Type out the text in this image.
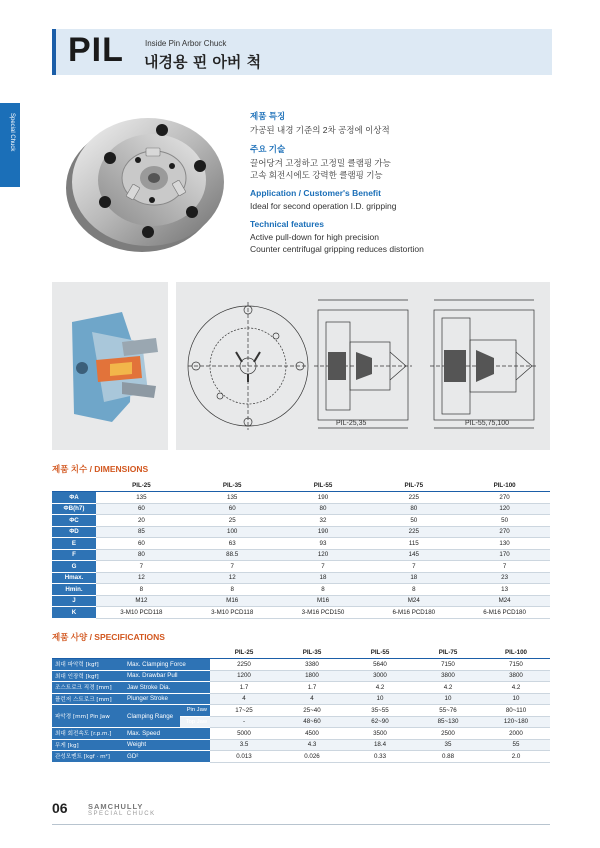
PIL	Inside Pin Arbor Chuck
내경용 핀 아버 척
Special Chuck	제품 특징
가공된 내경 기준의 2차 공정에 이상적
주요 기술
끌어당겨 고정하고 고정밀 클램핑 가능
고속 회전시에도 강력한 클램핑 기능
Application / Customer's Benefit
Ideal for second operation I.D. gripping
Technical features
Active pull-down for high precision
Counter centrifugal gripping reduces distortion
PIL-25,35	PIL-55,75,100
제품 치수 / DIMENSIONS
	PIL-25	PIL-35	PIL-55	PIL-75	PIL-100
ΦA	135	135	190	225	270
ΦB(h7)	60	60	80	80	120
ΦC	20	25	32	50	50
ΦD	85	100	190	225	270
E	60	63	93	115	130
F	80	88.5	120	145	170
G	7	7	7	7	7
Hmax.	12	12	18	18	23
Hmin.	8	8	8	8	13
J	M12	M16	M16	M24	M24
K	3-M10 PCD118	3-M10 PCD118	3-M16 PCD150	6-M16 PCD180	6-M16 PCD180
제품 사양 / SPECIFICATIONS
			PIL-25	PIL-35	PIL-55	PIL-75	PIL-100
최대 파악력 [kgf]	Max. Clamping Force		2250	3380	5640	7150	7150
최대 인장력 [kgf]	Max. Drawbar Pull		1200	1800	3000	3800	3800
조스트로크 직경 [mm]	Jaw Stroke Dia.		1.7	1.7	4.2	4.2	4.2
플런저 스트로크 [mm]	Plunger Stroke		4	4	10	10	10
파악경 [mm] Pin Jaw	Clamping Range	Pin Jaw	17~25	25~40	35~55	55~76	80~110
		Top Jaw	-	48~60	62~90	85~130	120~180
최대 회전속도 [r.p.m.]	Max. Speed		5000	4500	3500	2500	2000
무게 [kg]	Weight		3.5	4.3	18.4	35	55
관성모멘트 [kgf · m²]	GD²		0.013	0.026	0.33	0.88	2.0
06	SAMCHULLY
SPECIAL CHUCK
